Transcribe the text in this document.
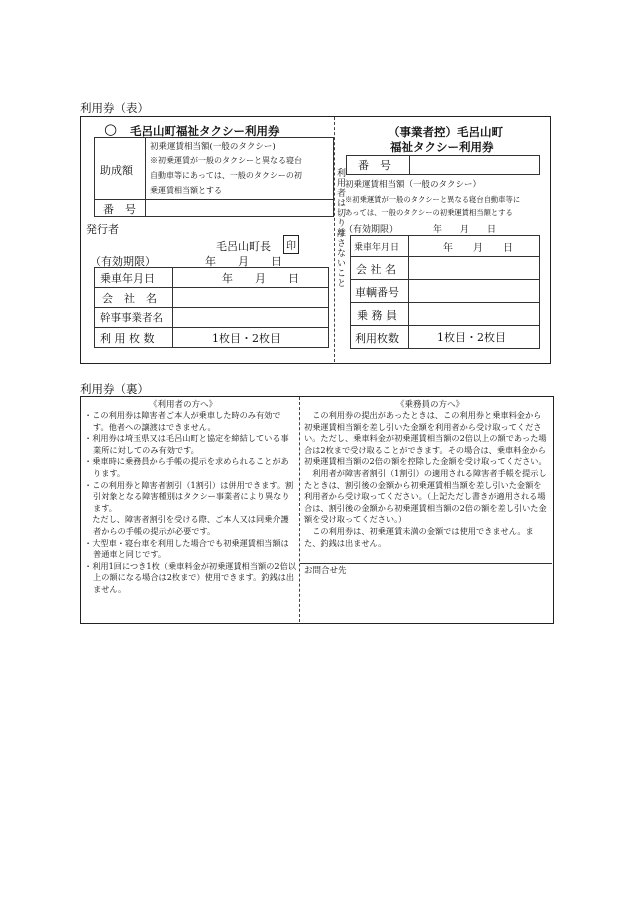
利用券（表）
利用者は切り離さないこと
○ 毛呂山町福祉タクシー利用券
助成額
初乗運賃相当額(一般のタクシー)
※初乗運賃が一般のタクシーと異なる寝台
自動車等にあっては、一般のタクシーの初
乗運賃相当額とする
番　号
発行者
毛呂山町長	印
（有効期限）	年　　月　　日
乗車年月日	年　　月　　日
会　社　名
幹事事業者名
利 用 枚 数	1枚目・2枚目
（事業者控）毛呂山町
福祉タクシー利用券
番　号
初乗運賃相当額（一般のタクシー）
※初乗運賃が一般のタクシーと異なる寝台自動車等に
あっては、一般のタクシーの初乗運賃相当額とする
（有効期限）	年　　月　　日
乗車年月日	年　　月　　日
会 社 名
車輌番号
乗 務 員
利用枚数	1枚目・2枚目
利用券（裏）
《利用者の方へ》

・この利用券は障害者ご本人が乗車した時のみ有効です。他者への譲渡はできません。

・利用券は埼玉県又は毛呂山町と協定を締結している事業所に対してのみ有効です。

・乗車時に乗務員から手帳の提示を求められることがあります。

・この利用券と障害者割引（1割引）は併用できます。割引対象となる障害種別はタクシー事業者により異なります。

　ただし、障害者割引を受ける際、ご本人又は同乗介護者からの手帳の提示が必要です。

・大型車・寝台車を利用した場合でも初乗運賃相当額は普通車と同じです。

・利用1回につき1枚（乗車料金が初乗運賃相当額の2倍以上の額になる場合は2枚まで）使用できます。釣銭は出ません。

《乗務員の方へ》

　この利用券の提出があったときは、この利用券と乗車料金から初乗運賃相当額を差し引いた金額を利用者から受け取ってください。ただし、乗車料金が初乗運賃相当額の2倍以上の額であった場合は2枚まで受け取ることができます。その場合は、乗車料金から初乗運賃相当額の2倍の額を控除した金額を受け取ってください。

　利用者が障害者割引（1割引）の適用される障害者手帳を提示したときは、割引後の金額から初乗運賃相当額を差し引いた金額を利用者から受け取ってください。（上記ただし書きが適用される場合は、割引後の金額から初乗運賃相当額の2倍の額を差し引いた金額を受け取ってください。）

　この利用券は、初乗運賃未満の金額では使用できません。また、釣銭は出ません。

お問合せ先
